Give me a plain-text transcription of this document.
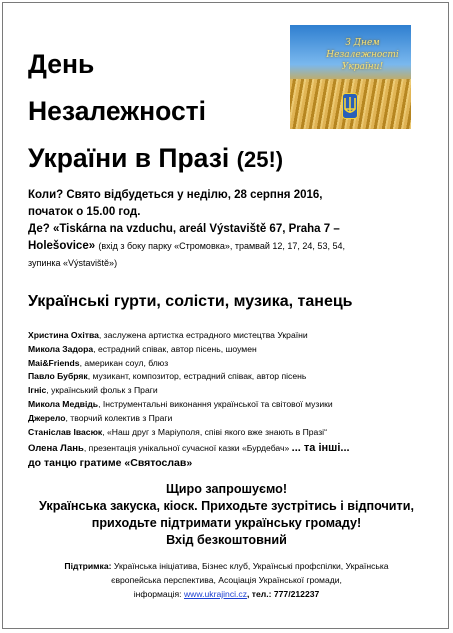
День
Незалежності
України в Празі (25!)
З Днем Незалежності України!
Коли? Свято відбудеться у неділю, 28 серпня 2016,
початок о 15.00 год.
Де? «Tiskárna na vzduchu, areál Výstaviště 67, Praha 7 –
Holešovice» (вхід з боку парку «Стромовка», трамвай 12, 17, 24, 53, 54,
зупинка «Výstaviště»)
Українські гурти, солісти, музика, танець
Христина Охітва, заслужена артистка естрадного мистецтва України
Микола Задора, естрадний співак, автор пісень, шоумен
Mai&Friends, американ соул, блюз
Павло Бубряк, музикант, композитор, естрадний співак, автор пісень
Ігніс, український фольк з Праги
Микола Медвідь, Інструментальні виконання української та світової музики
Джерело, творчий колектив з Праги
Станіслав Івасюк, «Наш друг з Маріуполя, співі якого вже знають в Празі“
Олена Лань, презентація унікальної сучасної казки «Бурдебач» ... та інші...
до танцю гратиме «Святослав»
Щиро запрошуємо!
Українська закуска, кіоск. Приходьте зустрітись і відпочити,
приходьте підтримати українську громаду!
Вхід безкоштовний
Підтримка: Українська ініціатива, Бізнес клуб, Українські профспілки, Українська
європейська перспектива, Асоціація Української громади,
інформація: www.ukrajinci.cz, тел.: 777/212237
